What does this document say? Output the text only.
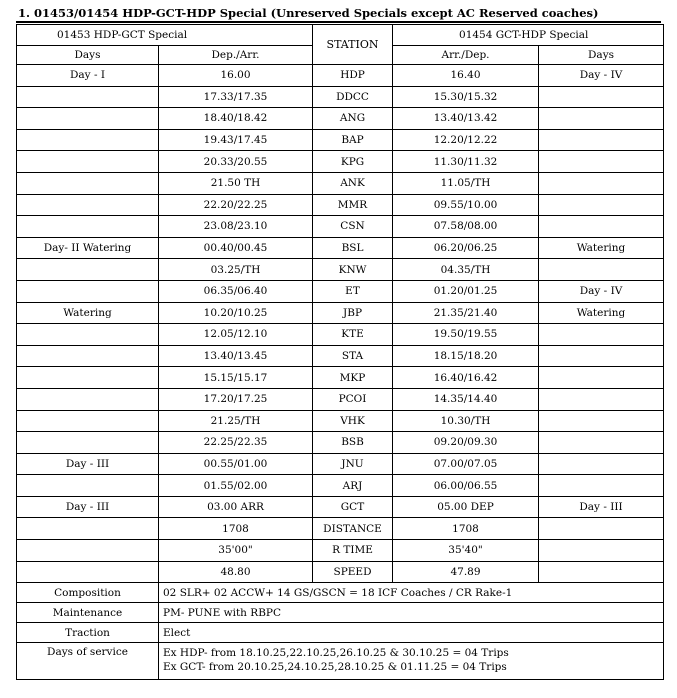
1. 01453/01454 HDP-GCT-HDP Special (Unreserved Specials except AC Reserved coaches)
01453 HDP-GCT Special		STATION	01454 GCT-HDP Special	
Days	Dep./Arr.		Arr./Dep.	Days
Day - I	16.00	HDP	16.40	Day - IV
	17.33/17.35	DDCC	15.30/15.32	
	18.40/18.42	ANG	13.40/13.42	
	19.43/17.45	BAP	12.20/12.22	
	20.33/20.55	KPG	11.30/11.32	
	21.50 TH	ANK	11.05/TH	
	22.20/22.25	MMR	09.55/10.00	
	23.08/23.10	CSN	07.58/08.00	
Day- II Watering	00.40/00.45	BSL	06.20/06.25	Watering
	03.25/TH	KNW	04.35/TH	
	06.35/06.40	ET	01.20/01.25	Day - IV
Watering	10.20/10.25	JBP	21.35/21.40	Watering
	12.05/12.10	KTE	19.50/19.55	
	13.40/13.45	STA	18.15/18.20	
	15.15/15.17	MKP	16.40/16.42	
	17.20/17.25	PCOI	14.35/14.40	
	21.25/TH	VHK	10.30/TH	
	22.25/22.35	BSB	09.20/09.30	
Day - III	00.55/01.00	JNU	07.00/07.05	
	01.55/02.00	ARJ	06.00/06.55	
Day - III	03.00 ARR	GCT	05.00 DEP	Day - III
	1708	DISTANCE	1708	
	35'00"	R TIME	35'40"	
	48.80	SPEED	47.89	
Composition	02 SLR+ 02 ACCW+ 14 GS/GSCN = 18 ICF Coaches / CR Rake-1			
Maintenance	PM- PUNE with RBPC			
Traction	Elect			
Days of service	Ex HDP- from 18.10.25,22.10.25,26.10.25 & 30.10.25 = 04 Trips
Ex GCT- from 20.10.25,24.10.25,28.10.25 & 01.11.25 = 04 Trips			
